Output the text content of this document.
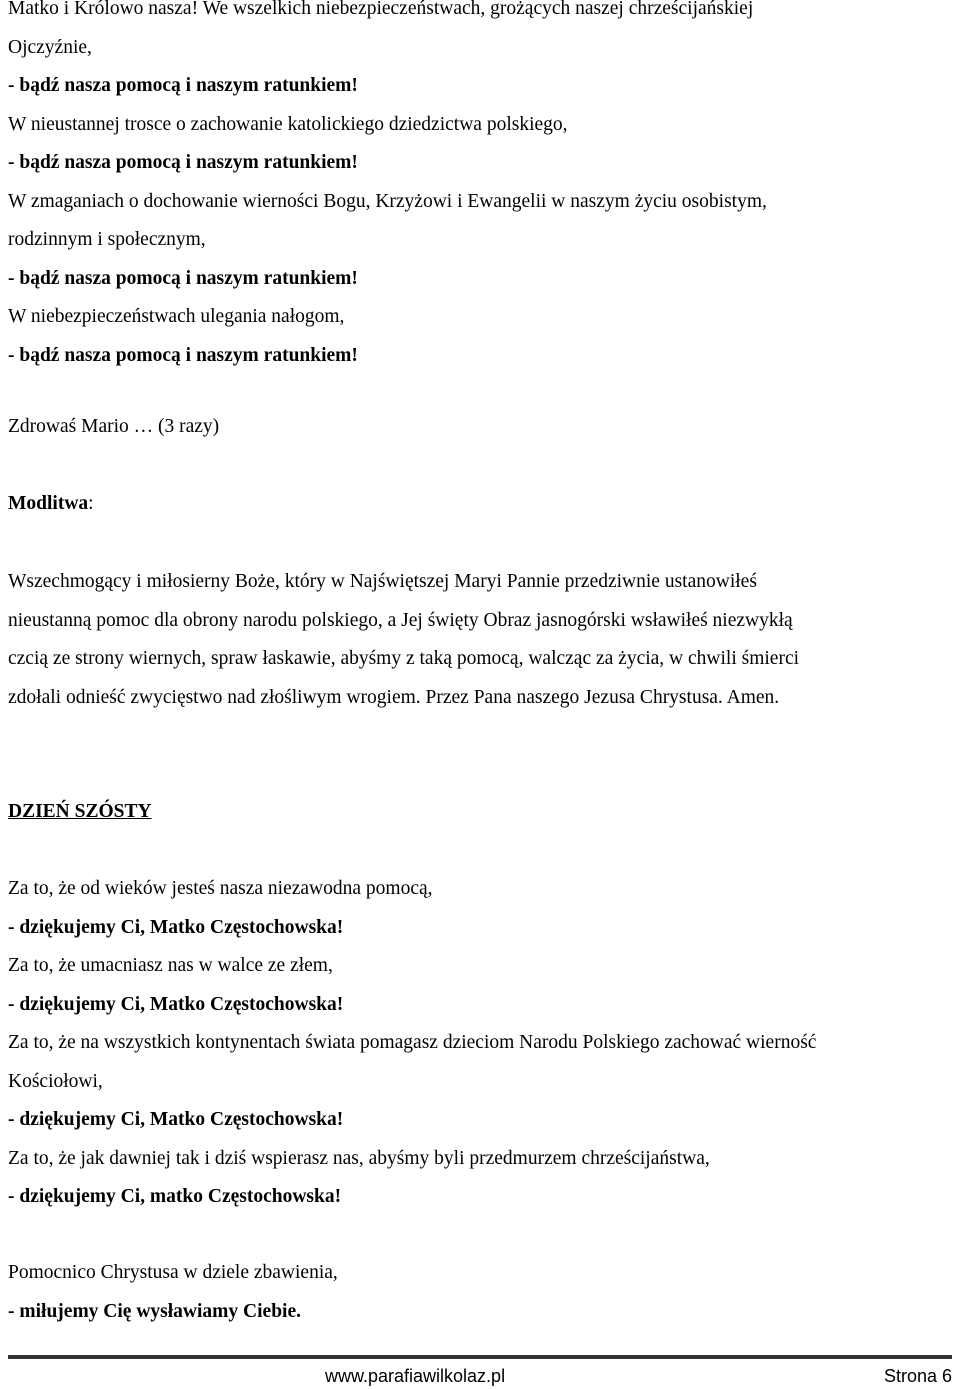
Matko i Królowo nasza! We wszelkich niebezpieczeństwach, grożących naszej chrześcijańskiej
Ojczyźnie,
- bądź nasza pomocą i naszym ratunkiem!
W nieustannej trosce o zachowanie katolickiego dziedzictwa polskiego,
- bądź nasza pomocą i naszym ratunkiem!
W zmaganiach o dochowanie wierności Bogu, Krzyżowi i Ewangelii w naszym życiu osobistym,
rodzinnym i społecznym,
- bądź nasza pomocą i naszym ratunkiem!
W niebezpieczeństwach ulegania nałogom,
- bądź nasza pomocą i naszym ratunkiem!
Zdrowaś Mario … (3 razy)
Modlitwa:
Wszechmogący i miłosierny Boże, który w Najświętszej Maryi Pannie przedziwnie ustanowiłeś
nieustanną pomoc dla obrony narodu polskiego, a Jej święty Obraz jasnogórski wsławiłeś niezwykłą
czcią ze strony wiernych, spraw łaskawie, abyśmy z taką pomocą, walcząc za życia, w chwili śmierci
zdołali odnieść zwycięstwo nad złośliwym wrogiem. Przez Pana naszego Jezusa Chrystusa. Amen.
DZIEŃ SZÓSTY
Za to, że od wieków jesteś nasza niezawodna pomocą,
- dziękujemy Ci, Matko Częstochowska!
Za to, że umacniasz nas w walce ze złem,
- dziękujemy Ci, Matko Częstochowska!
Za to, że na wszystkich kontynentach świata pomagasz dzieciom Narodu Polskiego zachować wierność
Kościołowi,
- dziękujemy Ci, Matko Częstochowska!
Za to, że jak dawniej tak i dziś wspierasz nas, abyśmy byli przedmurzem chrześcijaństwa,
- dziękujemy Ci, matko Częstochowska!
Pomocnico Chrystusa w dziele zbawienia,
- miłujemy Cię wysławiamy Ciebie.
www.parafiawilkolaz.pl	Strona 6
